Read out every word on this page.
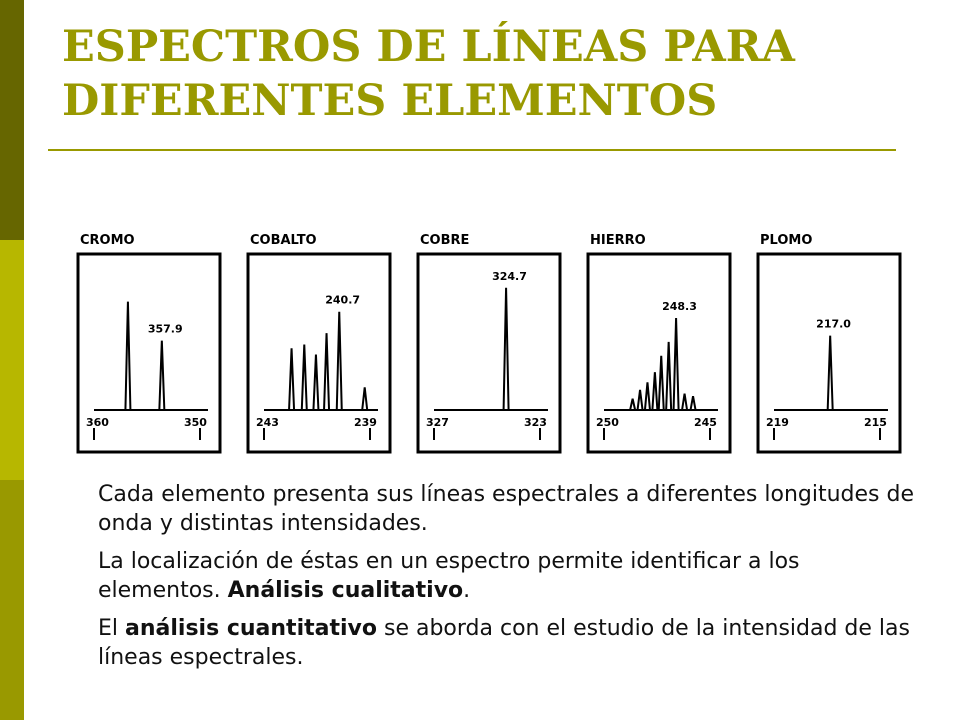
ESPECTROS DE LÍNEAS PARA DIFERENTES ELEMENTOS
CROMO
360	350
357.9
COBALTO
243	239
240.7
COBRE
327	323
324.7
HIERRO
250	245
248.3
PLOMO
219	215
217.0

Cada elemento presenta sus líneas espectrales a diferentes longitudes de onda y distintas intensidades.

La localización de éstas en un espectro permite identificar a los elementos. Análisis cualitativo.

El análisis cuantitativo se aborda con el estudio de la intensidad de las líneas espectrales.
